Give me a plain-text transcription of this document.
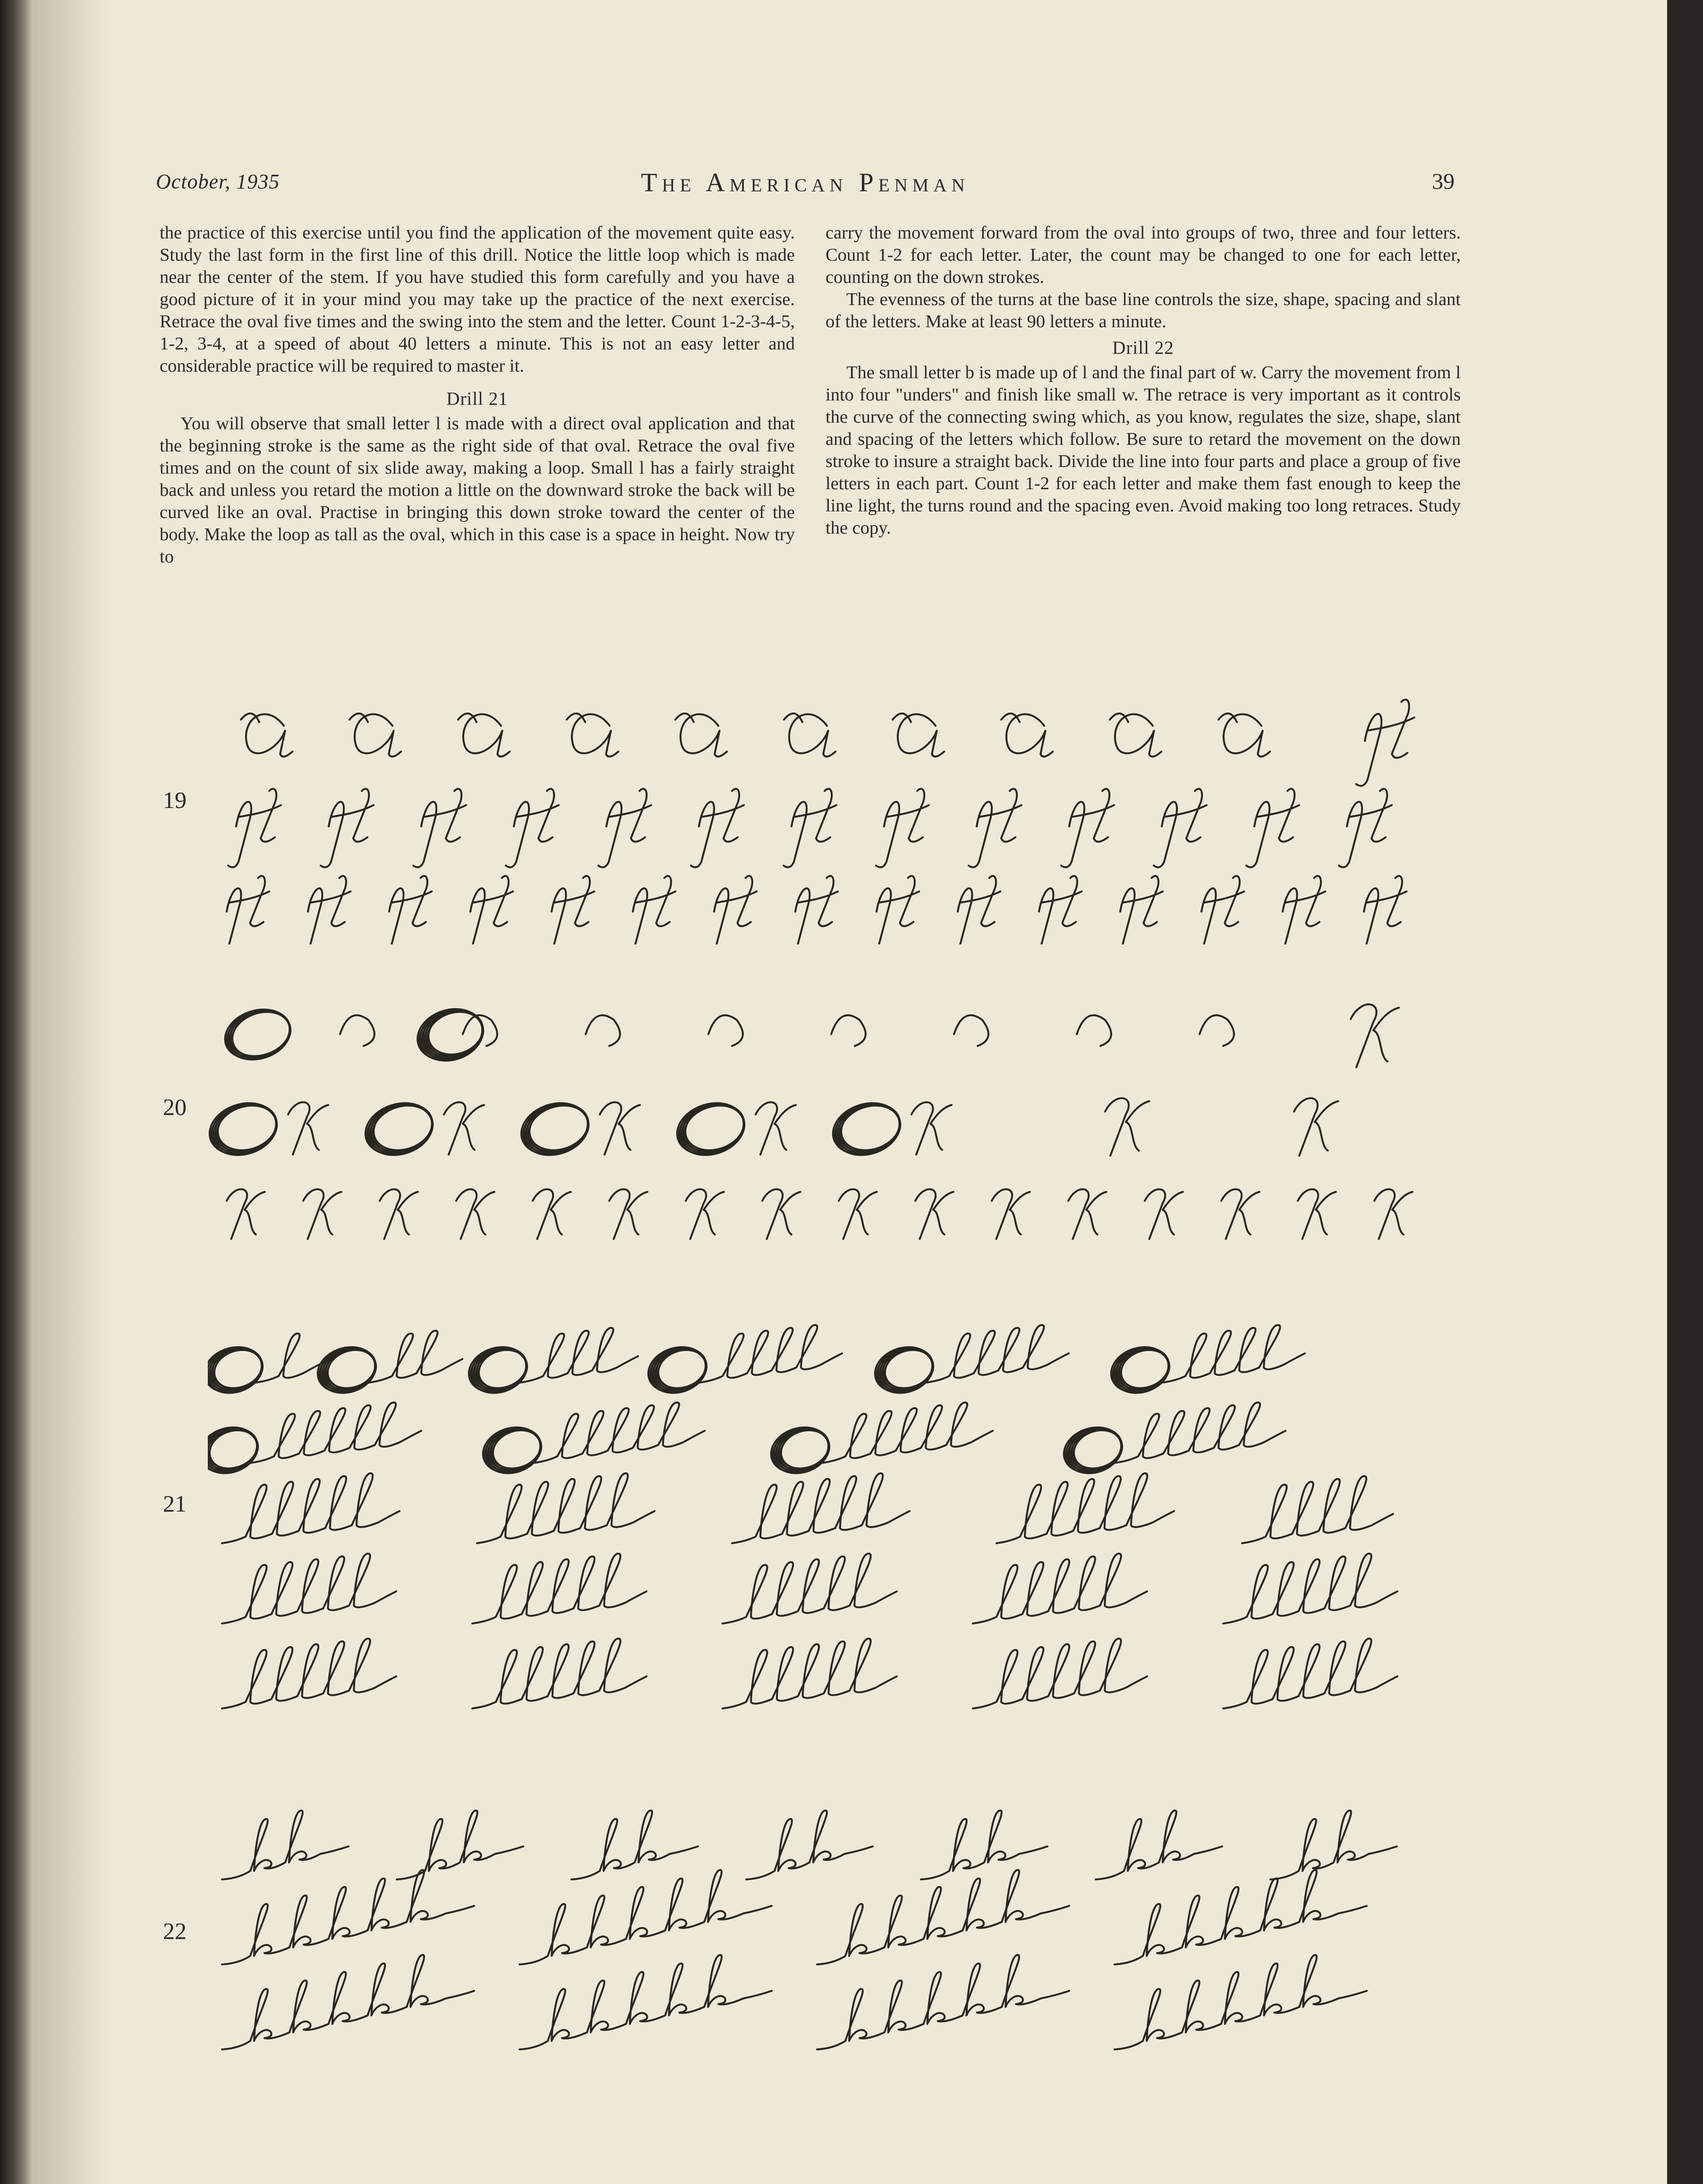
October, 1935	The American Penman	39

the practice of this exercise until you find the application of the movement quite easy. Study the last form in the first line of this drill. Notice the little loop which is made near the center of the stem. If you have studied this form carefully and you have a good picture of it in your mind you may take up the practice of the next exercise. Retrace the oval five times and the swing into the stem and the letter. Count 1-2-3-4-5, 1-2, 3-4, at a speed of about 40 letters a minute. This is not an easy letter and considerable practice will be required to master it.

Drill 21

You will observe that small letter l is made with a direct oval application and that the beginning stroke is the same as the right side of that oval. Retrace the oval five times and on the count of six slide away, making a loop. Small l has a fairly straight back and unless you retard the motion a little on the downward stroke the back will be curved like an oval. Practise in bringing this down stroke toward the center of the body. Make the loop as tall as the oval, which in this case is a space in height. Now try to

carry the movement forward from the oval into groups of two, three and four letters. Count 1-2 for each letter. Later, the count may be changed to one for each letter, counting on the down strokes.

The evenness of the turns at the base line controls the size, shape, spacing and slant of the letters. Make at least 90 letters a minute.

Drill 22

The small letter b is made up of l and the final part of w. Carry the movement from l into four "unders" and finish like small w. The retrace is very important as it controls the curve of the connecting swing which, as you know, regulates the size, shape, slant and spacing of the letters which follow. Be sure to retard the movement on the down stroke to insure a straight back. Divide the line into four parts and place a group of five letters in each part. Count 1-2 for each letter and make them fast enough to keep the line light, the turns round and the spacing even. Avoid making too long retraces. Study the copy.

19
20
21
22
